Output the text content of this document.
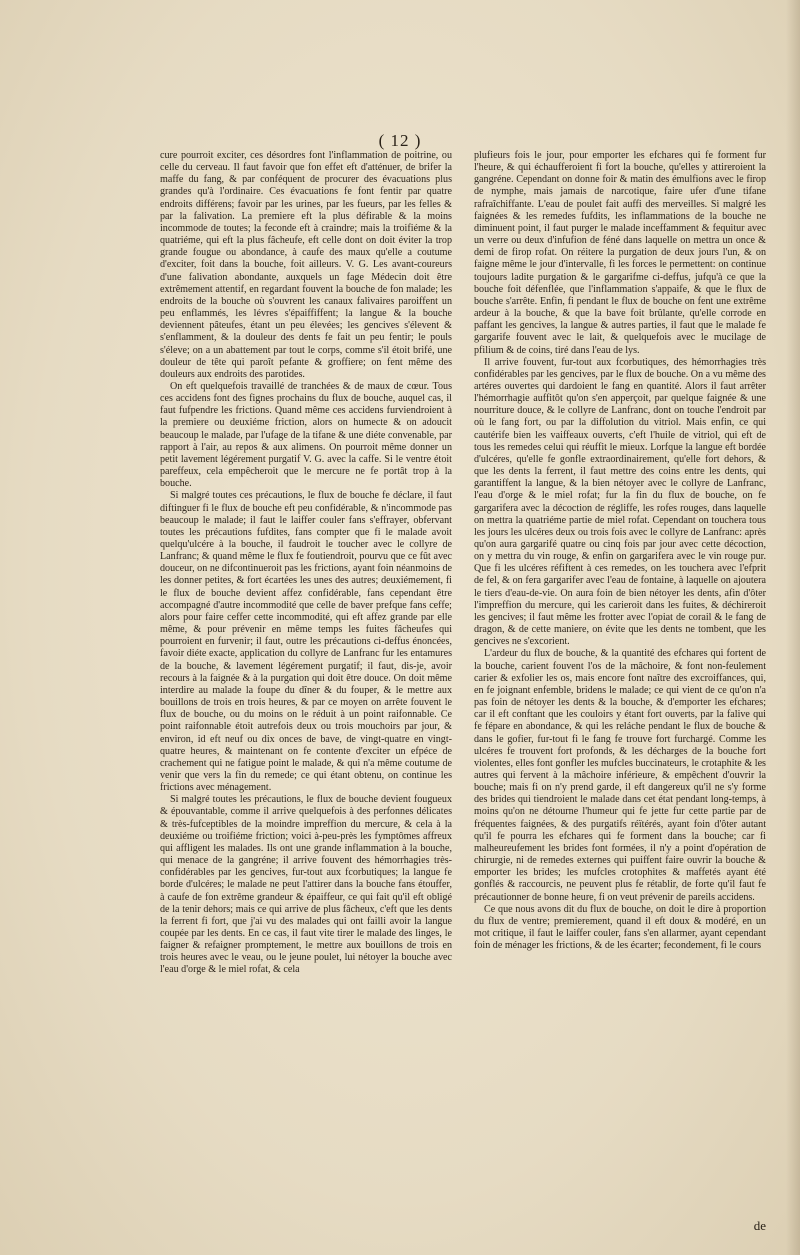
( 12 )

cure pourroit exciter, ces désordres font l'inflammation de poitrine, ou celle du cerveau. Il faut favoir que fon effet eft d'atténuer, de brifer la maffe du fang, & par conféquent de procurer des évacuations plus grandes qu'à l'ordinaire. Ces évacuations fe font fentir par quatre endroits différens; favoir par les urines, par les fueurs, par les felles & par la falivation. La premiere eft la plus défirable & la moins incommode de toutes; la feconde eft à craindre; mais la troifiéme & la quatriéme, qui eft la plus fâcheufe, eft celle dont on doit éviter la trop grande fougue ou abondance, à caufe des maux qu'elle a coutume d'exciter, foit dans la bouche, foit ailleurs. V. G. Les avant-coureurs d'une falivation abondante, auxquels un fage Médecin doit être extrêmement attentif, en regardant fouvent la bouche de fon malade; les endroits de la bouche où s'ouvrent les canaux falivaires paroiffent un peu enflammés, les lévres s'épaiffiffent; la langue & la bouche deviennent pâteufes, étant un peu élevées; les gencives s'élevent & s'enflamment, & la douleur des dents fe fait un peu fentir; le pouls s'éleve; on a un abattement par tout le corps, comme s'il étoit brifé, une douleur de tête qui paroît pefante & groffiere; on fent même des douleurs aux endroits des parotides.

On eft quelquefois travaillé de tranchées & de maux de cœur. Tous ces accidens font des fignes prochains du flux de bouche, auquel cas, il faut fufpendre les frictions. Quand même ces accidens furviendroient à la premiere ou deuxiéme friction, alors on humecte & on adoucit beaucoup le malade, par l'ufage de la tifane & une diéte convenable, par rapport à l'air, au repos & aux alimens. On pourroit même donner un petit lavement légérement purgatif V. G. avec la caffe. Si le ventre étoit pareffeux, cela empêcheroit que le mercure ne fe portât trop à la bouche.

Si malgré toutes ces précautions, le flux de bouche fe déclare, il faut diftinguer fi le flux de bouche eft peu confidérable, & n'incommode pas beaucoup le malade; il faut le laiffer couler fans s'effrayer, obfervant toutes les précautions fufdites, fans compter que fi le malade avoit quelqu'ulcére à la bouche, il faudroit le toucher avec le collyre de Lanfranc; & quand même le flux fe foutiendroit, pourvu que ce fût avec douceur, on ne difcontinueroit pas les frictions, ayant foin néanmoins de les donner petites, & fort écartées les unes des autres; deuxiémement, fi le flux de bouche devient affez confidérable, fans cependant être accompagné d'autre incommodité que celle de baver prefque fans ceffe; alors pour faire ceffer cette incommodité, qui eft affez grande par elle même, & pour prévenir en même temps les fuites fâcheufes qui pourroient en furvenir; il faut, outre les précautions ci-deffus énoncées, favoir diéte exacte, application du collyre de Lanfranc fur les entamures de la bouche, & lavement légérement purgatif; il faut, dis-je, avoir recours à la faignée & à la purgation qui doit être douce. On doit même interdire au malade la foupe du dîner & du fouper, & le mettre aux bouillons de trois en trois heures, & par ce moyen on arrête fouvent le flux de bouche, ou du moins on le réduit à un point raifonnable. Ce point raifonnable étoit autrefois deux ou trois mouchoirs par jour, & environ, id eft neuf ou dix onces de bave, de vingt-quatre en vingt-quatre heures, & maintenant on fe contente d'exciter un efpéce de crachement qui ne fatigue point le malade, & qui n'a même coutume de venir que vers la fin du remede; ce qui étant obtenu, on continue les frictions avec ménagement.

Si malgré toutes les précautions, le flux de bouche devient fougueux & épouvantable, comme il arrive quelquefois à des perfonnes délicates & très-fufceptibles de la moindre impreffion du mercure, & cela à la deuxiéme ou troifiéme friction; voici à-peu-près les fymptômes affreux qui affligent les malades. Ils ont une grande inflammation à la bouche, qui menace de la gangréne; il arrive fouvent des hémorrhagies très-confidérables par les gencives, fur-tout aux fcorbutiques; la langue fe borde d'ulcéres; le malade ne peut l'attirer dans la bouche fans étouffer, à caufe de fon extrême grandeur & épaiffeur, ce qui fait qu'il eft obligé de la tenir dehors; mais ce qui arrive de plus fâcheux, c'eft que les dents la ferrent fi fort, que j'ai vu des malades qui ont failli avoir la langue coupée par les dents. En ce cas, il faut vite tirer le malade des linges, le faigner & refaigner promptement, le mettre aux bouillons de trois en trois heures avec le veau, ou le jeune poulet, lui nétoyer la bouche avec l'eau d'orge & le miel rofat, & cela

plufieurs fois le jour, pour emporter les efchares qui fe forment fur l'heure, & qui échaufferoient fi fort la bouche, qu'elles y attireroient la gangréne. Cependant on donne foir & matin des émulfions avec le firop de nymphe, mais jamais de narcotique, faire ufer d'une tifane rafraîchiffante. L'eau de poulet fait auffi des merveilles. Si malgré les faignées & les remedes fufdits, les inflammations de la bouche ne diminuent point, il faut purger le malade inceffamment & fequitur avec un verre ou deux d'infufion de féné dans laquelle on mettra un once & demi de firop rofat. On réitere la purgation de deux jours l'un, & on faigne même le jour d'intervalle, fi les forces le permettent: on continue toujours ladite purgation & le gargarifme ci-deffus, jufqu'à ce que la bouche foit défenflée, que l'inflammation s'appaife, & que le flux de bouche s'arrête. Enfin, fi pendant le flux de bouche on fent une extrême ardeur à la bouche, & que la bave foit brûlante, qu'elle corrode en paffant les gencives, la langue & autres parties, il faut que le malade fe gargarife fouvent avec le lait, & quelquefois avec le mucilage de pfilium & de coins, tiré dans l'eau de lys.

Il arrive fouvent, fur-tout aux fcorbutiques, des hémorrhagies très confidérables par les gencives, par le flux de bouche. On a vu même des artéres ouvertes qui dardoient le fang en quantité. Alors il faut arrêter l'hémorrhagie auffitôt qu'on s'en apperçoit, par quelque faignée & une nourriture douce, & le collyre de Lanfranc, dont on touche l'endroit par où le fang fort, ou par la diffolution du vitriol. Mais enfin, ce qui cautérife bien les vaiffeaux ouverts, c'eft l'huile de vitriol, qui eft de tous les remedes celui qui réuffit le mieux. Lorfque la langue eft bordée d'ulcéres, qu'elle fe gonfle extraordinairement, qu'elle fort dehors, & que les dents la ferrent, il faut mettre des coins entre les dents, qui garantiffent la langue, & la bien nétoyer avec le collyre de Lanfranc, l'eau d'orge & le miel rofat; fur la fin du flux de bouche, on fe gargarifera avec la décoction de régliffe, les rofes rouges, dans laquelle on mettra la quatriéme partie de miel rofat. Cependant on touchera tous les jours les ulcéres deux ou trois fois avec le collyre de Lanfranc: après qu'on aura gargarifé quatre ou cinq fois par jour avec cette décoction, on y mettra du vin rouge, & enfin on gargarifera avec le vin rouge pur. Que fi les ulcéres réfiftent à ces remedes, on les touchera avec l'efprit de fel, & on fera gargarifer avec l'eau de fontaine, à laquelle on ajoutera le tiers d'eau-de-vie. On aura foin de bien nétoyer les dents, afin d'ôter l'impreffion du mercure, qui les carieroit dans les fuites, & déchireroit les gencives; il faut même les frotter avec l'opiat de corail & le fang de dragon, & de cette maniere, on évite que les dents ne tombent, que les gencives ne s'excorient.

L'ardeur du flux de bouche, & la quantité des efchares qui fortent de la bouche, carient fouvent l'os de la mâchoire, & font non-feulement carier & exfolier les os, mais encore font naître des excroiffances, qui, en fe joignant enfemble, bridens le malade; ce qui vient de ce qu'on n'a pas foin de nétoyer les dents & la bouche, & d'emporter les efchares; car il eft conftant que les couloirs y étant fort ouverts, par la falive qui fe fépare en abondance, & qui les reláche pendant le flux de bouche & dans le gofier, fur-tout fi le fang fe trouve fort furchargé. Comme les ulcéres fe trouvent fort profonds, & les décharges de la bouche fort violentes, elles font gonfler les mufcles buccinateurs, le crotaphite & les autres qui fervent à la mâchoire inférieure, & empêchent d'ouvrir la bouche; mais fi on n'y prend garde, il eft dangereux qu'il ne s'y forme des brides qui tiendroient le malade dans cet état pendant long-temps, à moins qu'on ne détourne l'humeur qui fe jette fur cette partie par de fréquentes faignées, & des purgatifs réïtérés, ayant foin d'ôter autant qu'il fe pourra les efchares qui fe forment dans la bouche; car fi malheureufement les brides font formées, il n'y a point d'opération de chirurgie, ni de remedes externes qui puiffent faire ouvrir la bouche & emporter les brides; les mufcles crotophites & maffetés ayant été gonflés & raccourcis, ne peuvent plus fe rétablir, de forte qu'il faut fe précautionner de bonne heure, fi on veut prévenir de pareils accidens.

Ce que nous avons dit du flux de bouche, on doit le dire à proportion du flux de ventre; premierement, quand il eft doux & modéré, en un mot critique, il faut le laiffer couler, fans s'en allarmer, ayant cependant foin de ménager les frictions, & de les écarter; fecondement, fi le cours

de
